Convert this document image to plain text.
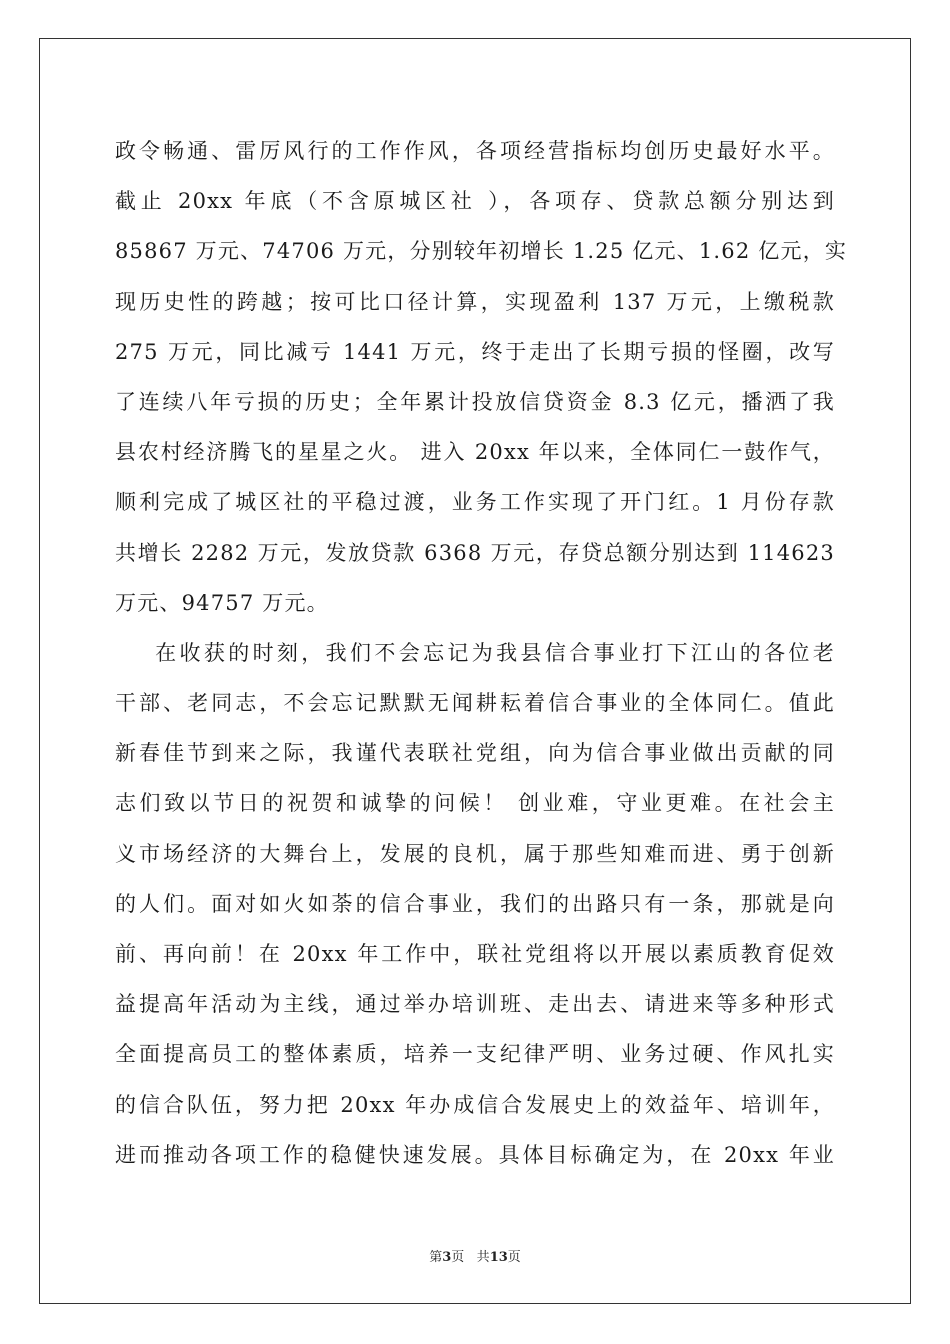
政令畅通、雷厉风行的工作作风，各项经营指标均创历史最好水平。
截止 20xx 年底（不含原城区社 ），各项存、贷款总额分别达到
85867 万元、74706 万元，分别较年初增长 1.25 亿元、1.62 亿元，实
现历史性的跨越；按可比口径计算，实现盈利 137 万元，上缴税款
275 万元，同比减亏 1441 万元，终于走出了长期亏损的怪圈，改写
了连续八年亏损的历史；全年累计投放信贷资金 8.3 亿元，播洒了我
县农村经济腾飞的星星之火。 进入 20xx 年以来，全体同仁一鼓作气，
顺利完成了城区社的平稳过渡，业务工作实现了开门红。1 月份存款
共增长 2282 万元，发放贷款 6368 万元，存贷总额分别达到 114623
万元、94757 万元。
在收获的时刻，我们不会忘记为我县信合事业打下江山的各位老
干部、老同志，不会忘记默默无闻耕耘着信合事业的全体同仁。值此
新春佳节到来之际，我谨代表联社党组，向为信合事业做出贡献的同
志们致以节日的祝贺和诚挚的问候！ 创业难，守业更难。在社会主
义市场经济的大舞台上，发展的良机，属于那些知难而进、勇于创新
的人们。面对如火如荼的信合事业，我们的出路只有一条，那就是向
前、再向前！在 20xx 年工作中，联社党组将以开展以素质教育促效
益提高年活动为主线，通过举办培训班、走出去、请进来等多种形式
全面提高员工的整体素质，培养一支纪律严明、业务过硬、作风扎实
的信合队伍，努力把 20xx 年办成信合发展史上的效益年、培训年，
进而推动各项工作的稳健快速发展。具体目标确定为，在 20xx 年业
第3页 共13页
